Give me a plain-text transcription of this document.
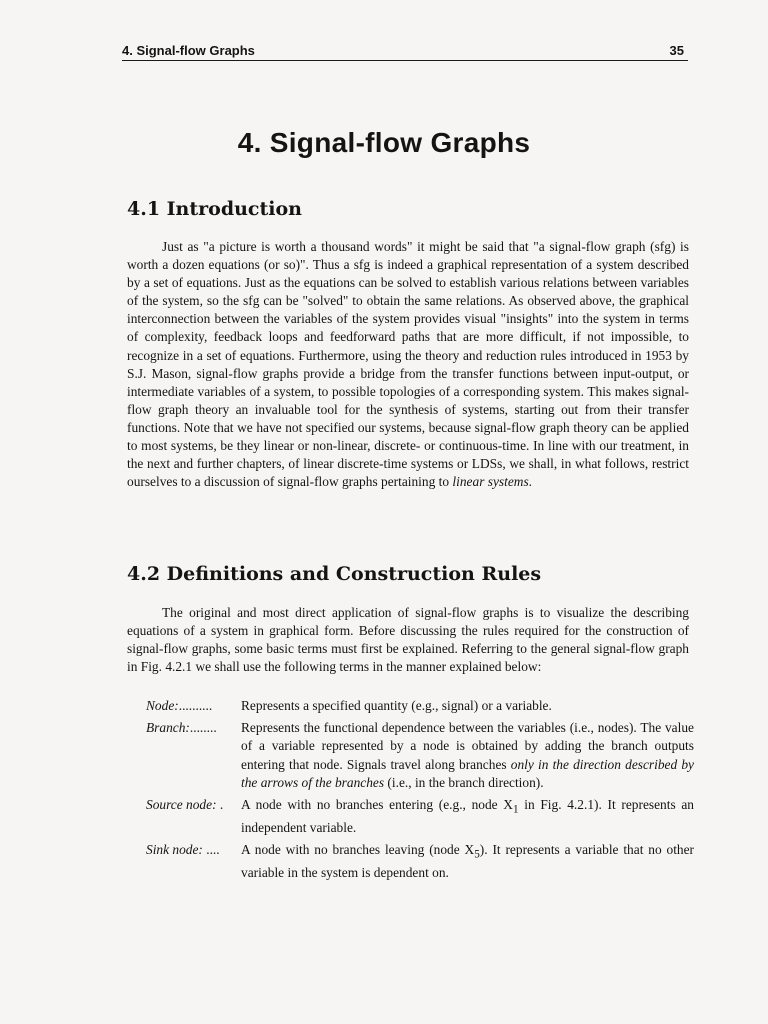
4. Signal-flow Graphs	35
4. Signal-flow Graphs
4.1 Introduction

Just as "a picture is worth a thousand words" it might be said that "a signal-flow graph (sfg) is worth a dozen equations (or so)". Thus a sfg is indeed a graphical representation of a system described by a set of equations. Just as the equations can be solved to establish various relations between variables of the system, so the sfg can be "solved" to obtain the same relations. As observed above, the graphical interconnection between the variables of the system provides visual "insights" into the system in terms of complexity, feedback loops and feedforward paths that are more difficult, if not impossible, to recognize in a set of equations. Furthermore, using the theory and reduction rules introduced in 1953 by S.J. Mason, signal-flow graphs provide a bridge from the transfer functions between input-output, or intermediate variables of a system, to possible topologies of a corresponding system. This makes signal-flow graph theory an invaluable tool for the synthesis of systems, starting out from their transfer functions. Note that we have not specified our systems, because signal-flow graph theory can be applied to most systems, be they linear or non-linear, discrete- or continuous-time. In line with our treatment, in the next and further chapters, of linear discrete-time systems or LDSs, we shall, in what follows, restrict ourselves to a discussion of signal-flow graphs pertaining to linear systems.

4.2 Definitions and Construction Rules

The original and most direct application of signal-flow graphs is to visualize the describing equations of a system in graphical form. Before discussing the rules required for the construction of signal-flow graphs, some basic terms must first be explained. Referring to the general signal-flow graph in Fig. 4.2.1 we shall use the following terms in the manner explained below:

Node:..........	Represents a specified quantity (e.g., signal) or a variable.
Branch:........	Represents the functional dependence between the variables (i.e., nodes). The value of a variable represented by a node is obtained by adding the branch outputs entering that node. Signals travel along branches only in the direction described by the arrows of the branches (i.e., in the branch direction).
Source node: .	A node with no branches entering (e.g., node $X_1$ in Fig. 4.2.1). It represents an independent variable.
Sink node: ....	A node with no branches leaving (node $X_5$). It represents a variable that no other variable in the system is dependent on.
